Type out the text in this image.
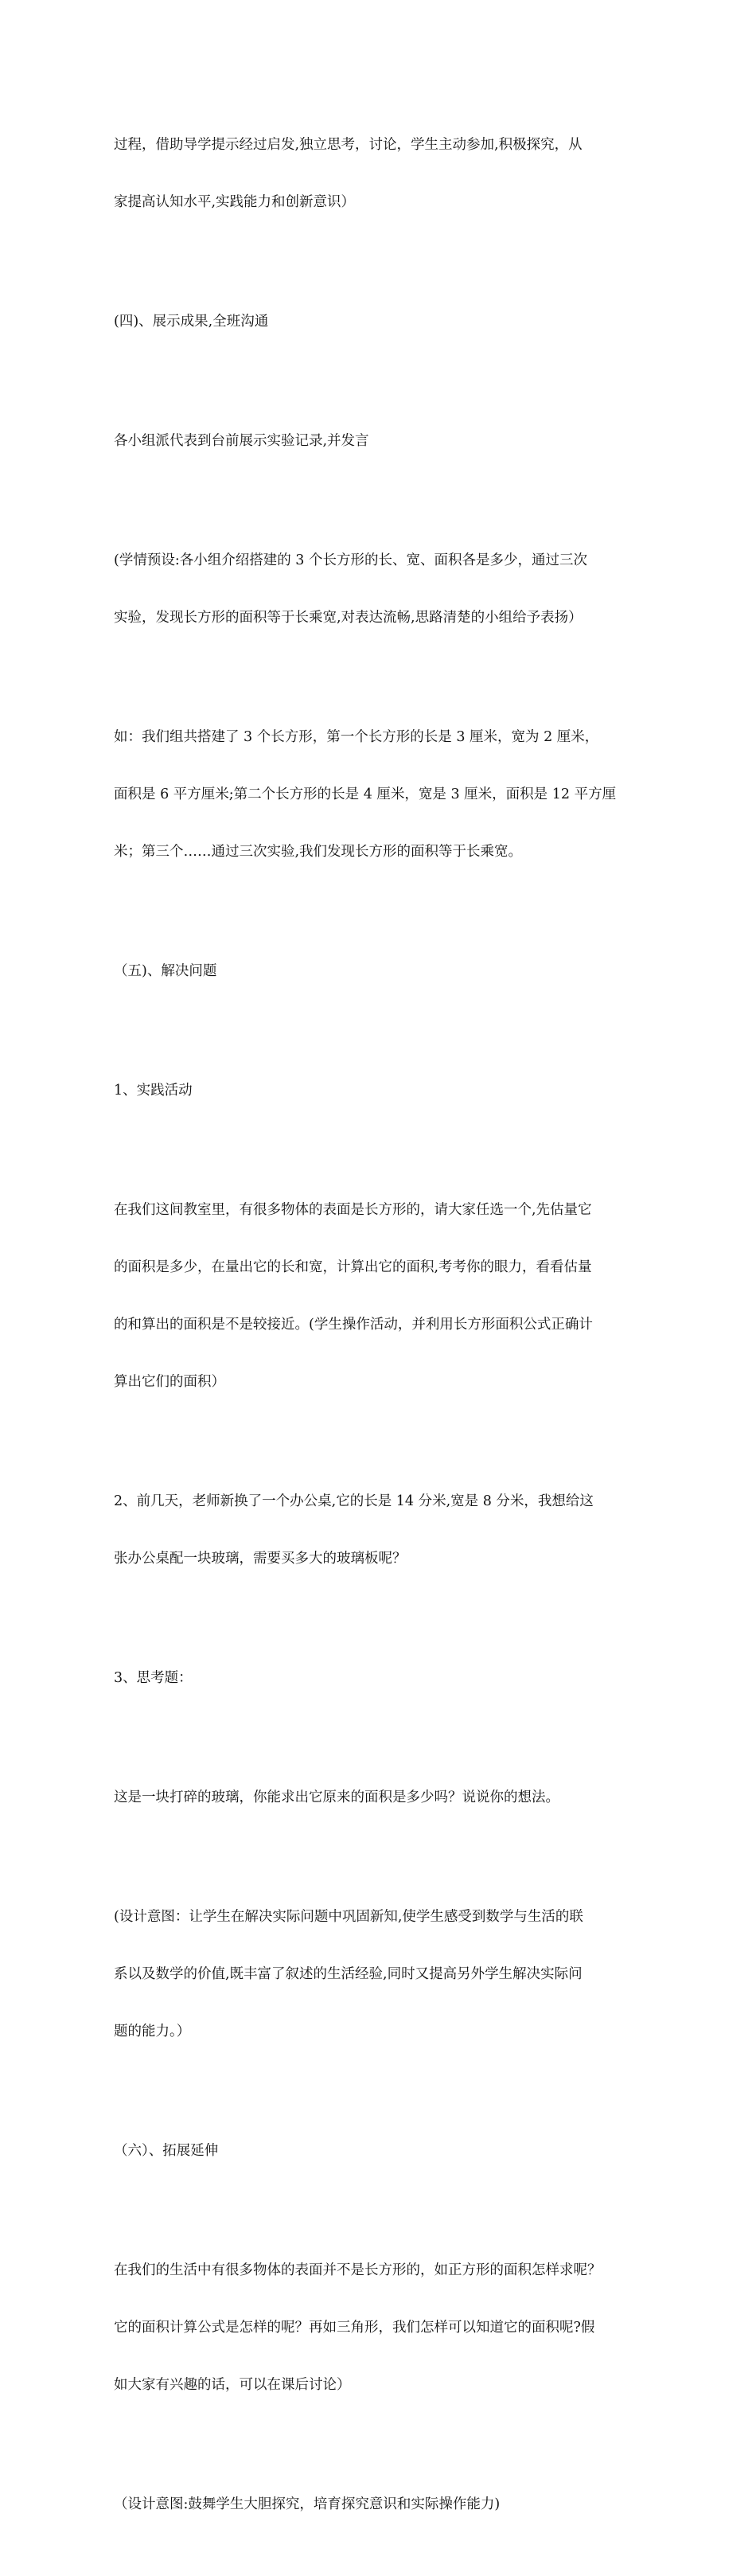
过程，借助导学提示经过启发,独立思考，讨论，学生主动参加,积极探究，从

家提高认知水平,实践能力和创新意识）

(四)、展示成果,全班沟通

各小组派代表到台前展示实验记录,并发言

(学情预设:各小组介绍搭建的 3 个长方形的长、宽、面积各是多少，通过三次

实验，发现长方形的面积等于长乘宽,对表达流畅,思路清楚的小组给予表扬）

如：我们组共搭建了 3 个长方形，第一个长方形的长是 3 厘米，宽为 2 厘米，

面积是 6 平方厘米;第二个长方形的长是 4 厘米，宽是 3 厘米，面积是 12 平方厘

米；第三个……通过三次实验,我们发现长方形的面积等于长乘宽。

（五)、解决问题

1、实践活动

在我们这间教室里，有很多物体的表面是长方形的，请大家任选一个,先估量它

的面积是多少，在量出它的长和宽，计算出它的面积,考考你的眼力，看看估量

的和算出的面积是不是较接近。(学生操作活动，并利用长方形面积公式正确计

算出它们的面积）

2、前几天，老师新换了一个办公桌,它的长是 14 分米,宽是 8 分米，我想给这

张办公桌配一块玻璃，需要买多大的玻璃板呢？

3、思考题：

这是一块打碎的玻璃，你能求出它原来的面积是多少吗？说说你的想法。

(设计意图：让学生在解决实际问题中巩固新知,使学生感受到数学与生活的联

系以及数学的价值,既丰富了叙述的生活经验,同时又提高另外学生解决实际问

题的能力。）

（六）、拓展延伸

在我们的生活中有很多物体的表面并不是长方形的，如正方形的面积怎样求呢？

它的面积计算公式是怎样的呢？再如三角形，我们怎样可以知道它的面积呢?假

如大家有兴趣的话，可以在课后讨论）

（设计意图:鼓舞学生大胆探究，培育探究意识和实际操作能力)
